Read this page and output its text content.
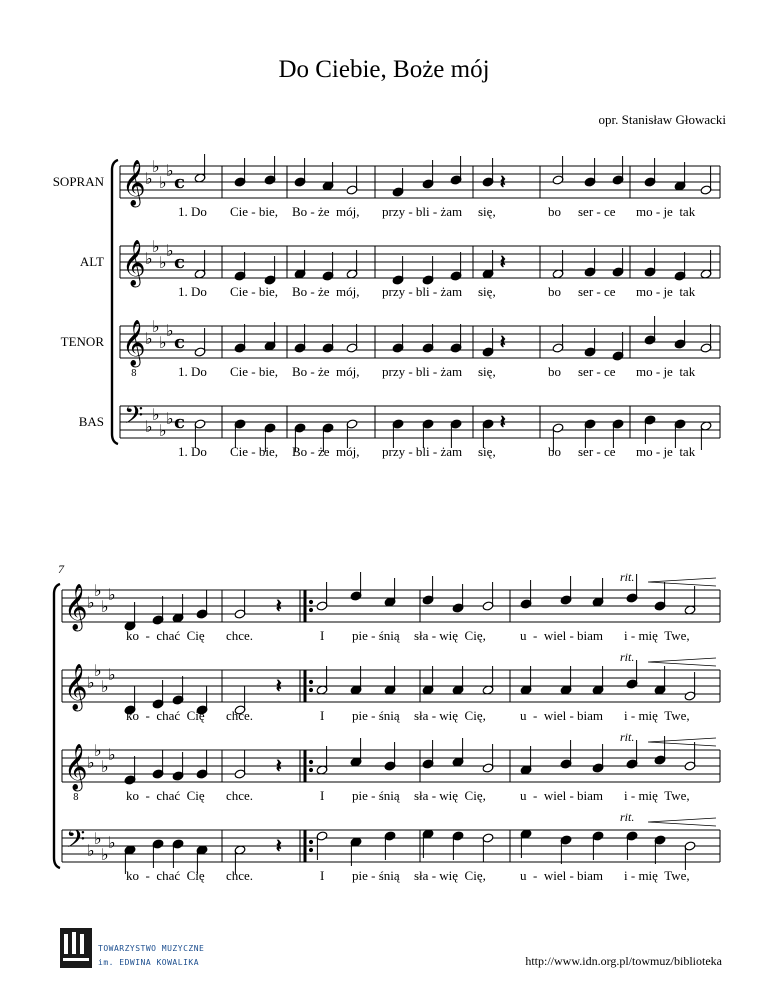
Do Ciebie, Boże mój
opr. Stanisław Głowacki
SOPRAN
ALT
TENOR
BAS
7
𝄞 ♭
♭
♭
♭
c
𝄞 ♭
♭
♭
♭
c
𝄞 ♭
♭
♭
♭
c
𝄢 ♭
♭
♭
♭ c
𝄞 ♭
♭
♭
♭
𝄞 ♭
♭
♭
♭
𝄞 ♭
♭
♭
♭
𝄢 ♭
♭
♭
♭
8
8
𝄽
𝄽
𝄽
𝄽
𝄽
𝄽
𝄽
𝄽
1. Do Cie - bie, Bo - że  mój, przy - bli - żam się,	bo ser - ce mo - je  tak
1. Do Cie - bie, Bo - że  mój, przy - bli - żam się,	bo ser - ce mo - je  tak
1. Do Cie - bie, Bo - że  mój, przy - bli - żam się,	bo ser - ce mo - je  tak
1. Do Cie - bie, Bo - że  mój, przy - bli - żam się,	bo ser - ce mo - je  tak
ko  -  chać  Cię chce.	I pie - śnią sła - wię  Cię,	u  -  wiel - biam i - mię  Twe,
ko  -  chać  Cię chce.	I pie - śnią sła - wię  Cię,	u  -  wiel - biam i - mię  Twe,
ko  -  chać  Cię chce.	I pie - śnią sła - wię  Cię,	u  -  wiel - biam i - mię  Twe,
ko  -  chać  Cię chce.	I pie - śnią sła - wię  Cię,	u  -  wiel - biam i - mię  Twe,
rit.
rit.
rit.
rit.
TOWARZYSTWO MUZYCZNE
im. EDWINA KOWALIKA	http://www.idn.org.pl/towmuz/biblioteka
